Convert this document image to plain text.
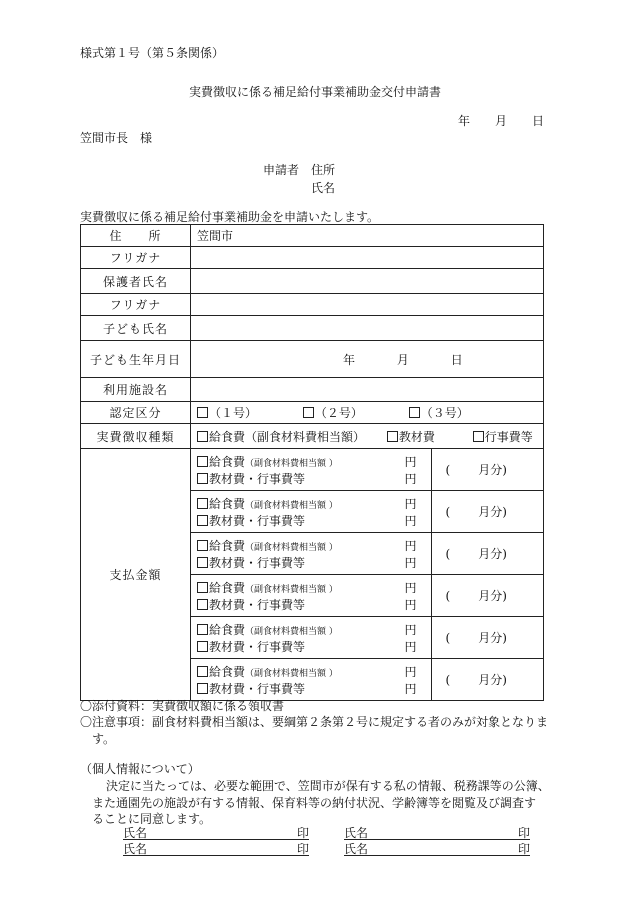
様式第１号（第５条関係）
実費徴収に係る補足給付事業補助金交付申請書
年 月 日
笠間市長　様
申請者 住所
氏名
実費徴収に係る補足給付事業補助金を申請いたします。
住　　所	笠間市
フリガナ	
保護者氏名	
フリガナ	
子ども氏名	
子ども生年月日	年	月	日
利用施設名	
認定区分	（１号）	（２号）	（３号）
実費徴収種類	給食費（副食材料費相当額）	教材費	行事費等
支払金額	
給食費（副食材料費相当額 ）	円
教材費・行事費等	円
	( 月分)

給食費（副食材料費相当額 ）	円
教材費・行事費等	円
	( 月分)

給食費（副食材料費相当額 ）	円
教材費・行事費等	円
	( 月分)

給食費（副食材料費相当額 ）	円
教材費・行事費等	円
	( 月分)

給食費（副食材料費相当額 ）	円
教材費・行事費等	円
	( 月分)

給食費（副食材料費相当額 ）	円
教材費・行事費等	円
	( 月分)
〇添付資料：実費徴収額に係る領収書
〇注意事項：副食材料費相当額は、要綱第２条第２号に規定する者のみが対象となりま
す。
（個人情報について）
決定に当たっては、必要な範囲で、笠間市が保有する私の情報、税務課等の公簿、
また通園先の施設が有する情報、保育料等の納付状況、学齢簿等を閲覧及び調査す
ることに同意します。
氏名	印	氏名	印
氏名	印	氏名	印
